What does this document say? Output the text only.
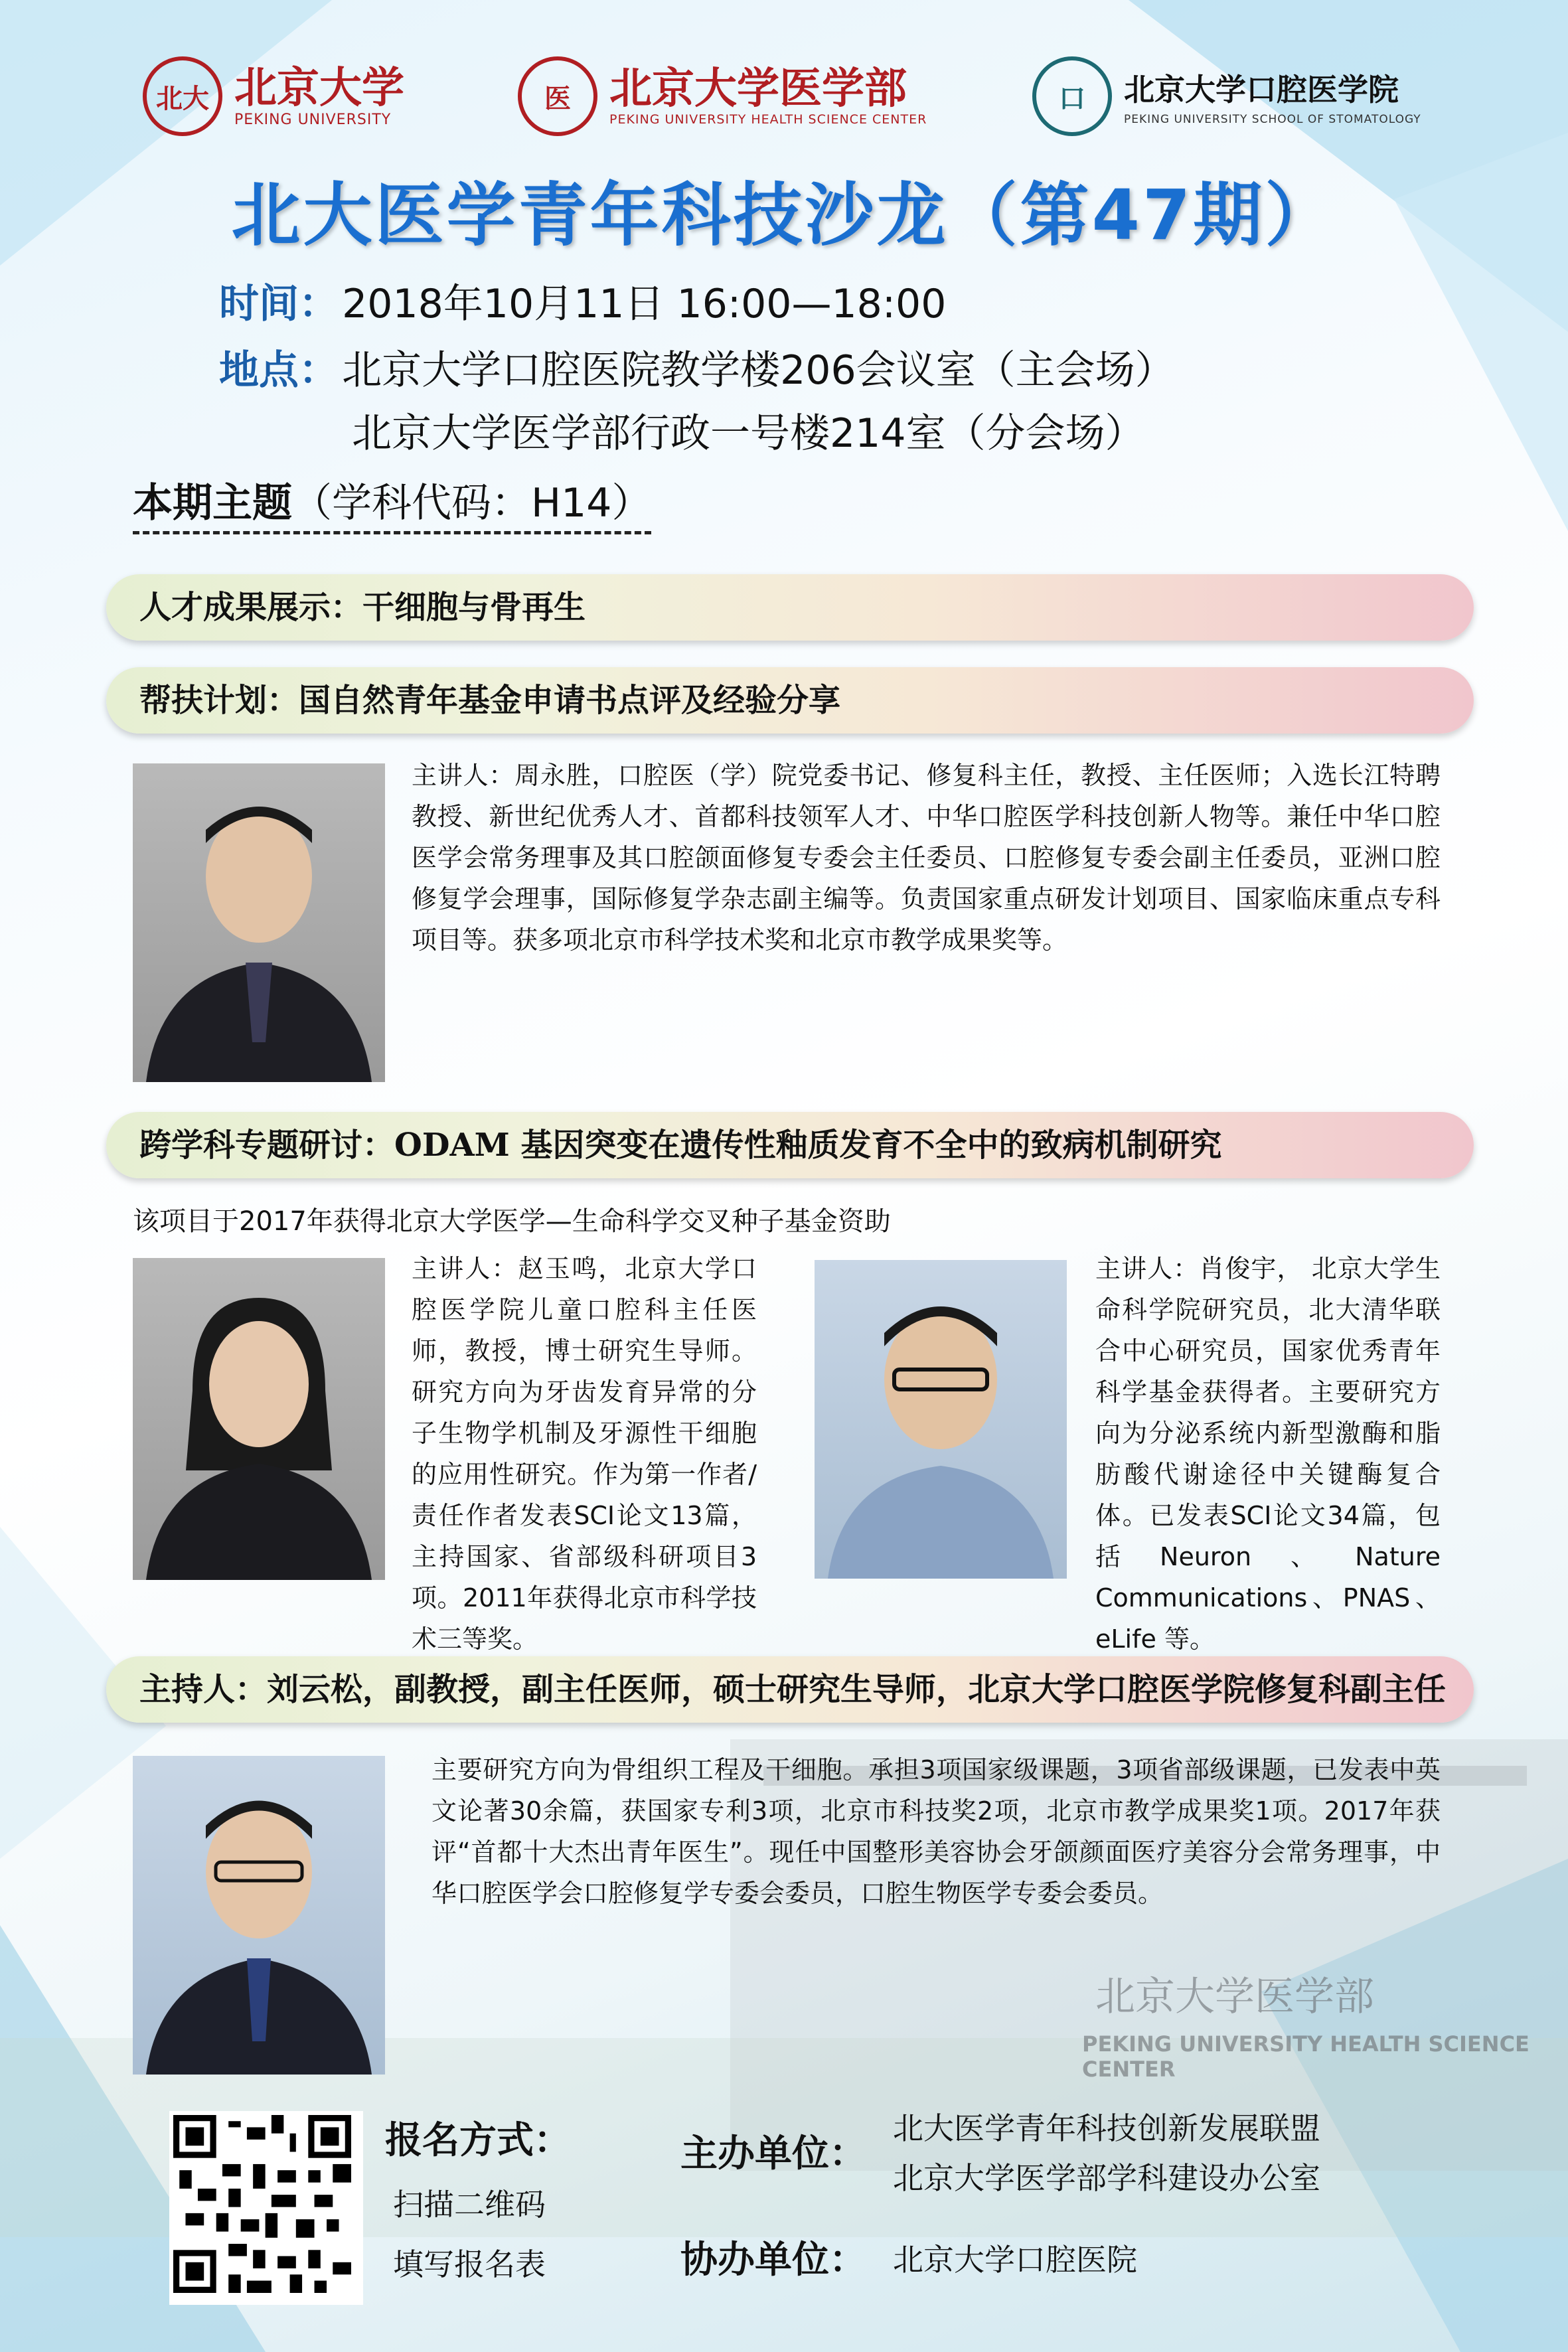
北大 北京大学
PEKING UNIVERSITY
医 北京大学医学部
PEKING UNIVERSITY HEALTH SCIENCE CENTER
口	北京大学口腔医学院
PEKING UNIVERSITY SCHOOL OF STOMATOLOGY
北大医学青年科技沙龙（第47期）
时间： 2018年10月11日 16:00—18:00
地点： 北京大学口腔医院教学楼206会议室（主会场）
北京大学医学部行政一号楼214室（分会场）
本期主题（学科代码：H14）
人才成果展示：干细胞与骨再生
帮扶计划：国自然青年基金申请书点评及经验分享
主讲人：周永胜，口腔医（学）院党委书记、修复科主任，教授、主任医师；入选长江特聘教授、新世纪优秀人才、首都科技领军人才、中华口腔医学科技创新人物等。兼任中华口腔医学会常务理事及其口腔颌面修复专委会主任委员、口腔修复专委会副主任委员，亚洲口腔修复学会理事，国际修复学杂志副主编等。负责国家重点研发计划项目、国家临床重点专科项目等。获多项北京市科学技术奖和北京市教学成果奖等。
跨学科专题研讨：ODAM 基因突变在遗传性釉质发育不全中的致病机制研究
该项目于2017年获得北京大学医学—生命科学交叉种子基金资助
主讲人：赵玉鸣，北京大学口腔医学院儿童口腔科主任医师，教授，博士研究生导师。研究方向为牙齿发育异常的分子生物学机制及牙源性干细胞的应用性研究。作为第一作者/责任作者发表SCI论文13篇，主持国家、省部级科研项目3项。2011年获得北京市科学技术三等奖。
主讲人：肖俊宇， 北京大学生命科学院研究员，北大清华联合中心研究员，国家优秀青年科学基金获得者。主要研究方向为分泌系统内新型激酶和脂肪酸代谢途径中关键酶复合体。已发表SCI论文34篇，包括Neuron、Nature Communications、PNAS、eLife 等。
主持人：刘云松，副教授，副主任医师，硕士研究生导师，北京大学口腔医学院修复科副主任
主要研究方向为骨组织工程及干细胞。承担3项国家级课题，3项省部级课题，已发表中英文论著30余篇，获国家专利3项，北京市科技奖2项，北京市教学成果奖1项。2017年获评“首都十大杰出青年医生”。现任中国整形美容协会牙颌颜面医疗美容分会常务理事，中华口腔医学会口腔修复学专委会委员，口腔生物医学专委会委员。
北京大学医学部
PEKING UNIVERSITY HEALTH SCIENCE CENTER
报名方式：
扫描二维码
填写报名表
主办单位：
北大医学青年科技创新发展联盟
北京大学医学部学科建设办公室
协办单位： 北京大学口腔医院
